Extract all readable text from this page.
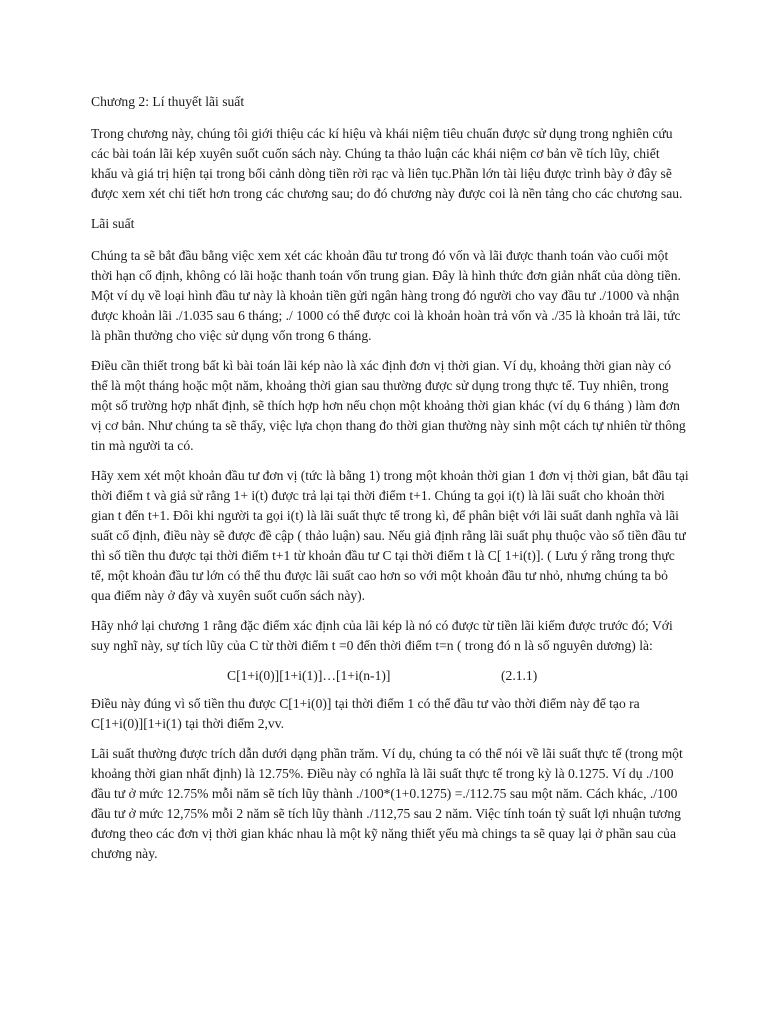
Chương 2: Lí thuyết lãi suất

Trong chương này, chúng tôi giới thiệu các kí hiệu và khái niệm tiêu chuẩn được sử dụng trong nghiên cứu các bài toán lãi kép xuyên suốt cuốn sách này. Chúng ta thảo luận các khái niệm cơ bản về tích lũy, chiết khấu và giá trị hiện tại trong bối cảnh dòng tiền rời rạc và liên tục.Phần lớn tài liệu được trình bày ở đây sẽ được xem xét chi tiết hơn trong các chương sau; do đó chương này được coi là nền tảng cho các chương sau.

Lãi suất

Chúng ta sẽ bắt đầu bằng việc xem xét các khoản đầu tư trong đó vốn và lãi được thanh toán vào cuối một thời hạn cố định, không có lãi hoặc thanh toán vốn trung gian. Đây là hình thức đơn giản nhất của dòng tiền. Một ví dụ về loại hình đầu tư này là khoản tiền gửi ngân hàng trong đó người cho vay đầu tư ./1000 và nhận được khoản lãi ./1.035 sau 6 tháng; ./ 1000 có thể được coi là khoản hoàn trả vốn và ./35 là khoản trả lãi, tức là phần thưởng cho việc sử dụng vốn trong 6 tháng.

Điều cần thiết trong bất kì bài toán lãi kép nào là xác định đơn vị thời gian. Ví dụ, khoảng thời gian này có thể là một tháng hoặc một năm, khoảng thời gian sau thường được sử dụng trong thực tế. Tuy nhiên, trong một số trường hợp nhất định, sẽ thích hợp hơn nếu chọn một khoảng thời gian khác (ví dụ 6 tháng ) làm đơn vị cơ bản. Như chúng ta sẽ thấy, việc lựa chọn thang đo thời gian thường này sinh một cách tự nhiên từ thông tin mà người ta có.

Hãy xem xét một khoản đầu tư đơn vị (tức là bằng 1) trong một khoản thời gian 1 đơn vị thời gian, bắt đầu tại thời điểm t và giả sử rằng 1+ i(t) được trả lại tại thời điểm t+1. Chúng ta gọi i(t) là lãi suất cho khoản thời gian t đến t+1. Đôi khi người ta gọi i(t) là lãi suất thực tế trong kì, để phân biệt với lãi suất danh nghĩa và lãi suất cố định, điều này sẽ được đề cập ( thảo luận) sau. Nếu giả định rằng lãi suất phụ thuộc vào số tiền đầu tư thì số tiền thu được tại thời điểm t+1 từ khoản đầu tư C tại thời điểm t là C[ 1+i(t)]. ( Lưu ý rằng trong thực tế, một khoản đầu tư lớn có thể thu được lãi suất cao hơn so với một khoản đầu tư nhỏ, nhưng chúng ta bỏ qua điểm này ở đây và xuyên suốt cuốn sách này).

Hãy nhớ lại chương 1 rằng đặc điểm xác định của lãi kép là nó có được từ tiền lãi kiếm được trước đó; Với suy nghĩ này, sự tích lũy của C từ thời điểm t =0 đến thời điểm t=n ( trong đó n là số nguyên dương) là:

C[1+i(0)][1+i(1)]…[1+i(n-1)]	(2.1.1)

Điều này đúng vì số tiền thu được C[1+i(0)] tại thời điểm 1 có thể đầu tư vào thời điểm này để tạo ra C[1+i(0)][1+i(1) tại thời điểm 2,vv.

Lãi suất thường được trích dẫn dưới dạng phần trăm. Ví dụ, chúng ta có thể nói về lãi suất thực tế (trong một khoảng thời gian nhất định) là 12.75%. Điều này có nghĩa là lãi suất thực tế trong kỳ là 0.1275. Ví dụ ./100 đầu tư ở mức 12.75% mỗi năm sẽ tích lũy thành ./100*(1+0.1275) =./112.75 sau một năm. Cách khác, ./100 đầu tư ở mức 12,75% mỗi 2 năm sẽ tích lũy thành ./112,75 sau 2 năm. Việc tính toán tỷ suất lợi nhuận tương đương theo các đơn vị thời gian khác nhau là một kỹ năng thiết yếu mà chings ta sẽ quay lại ở phần sau của chương này.
